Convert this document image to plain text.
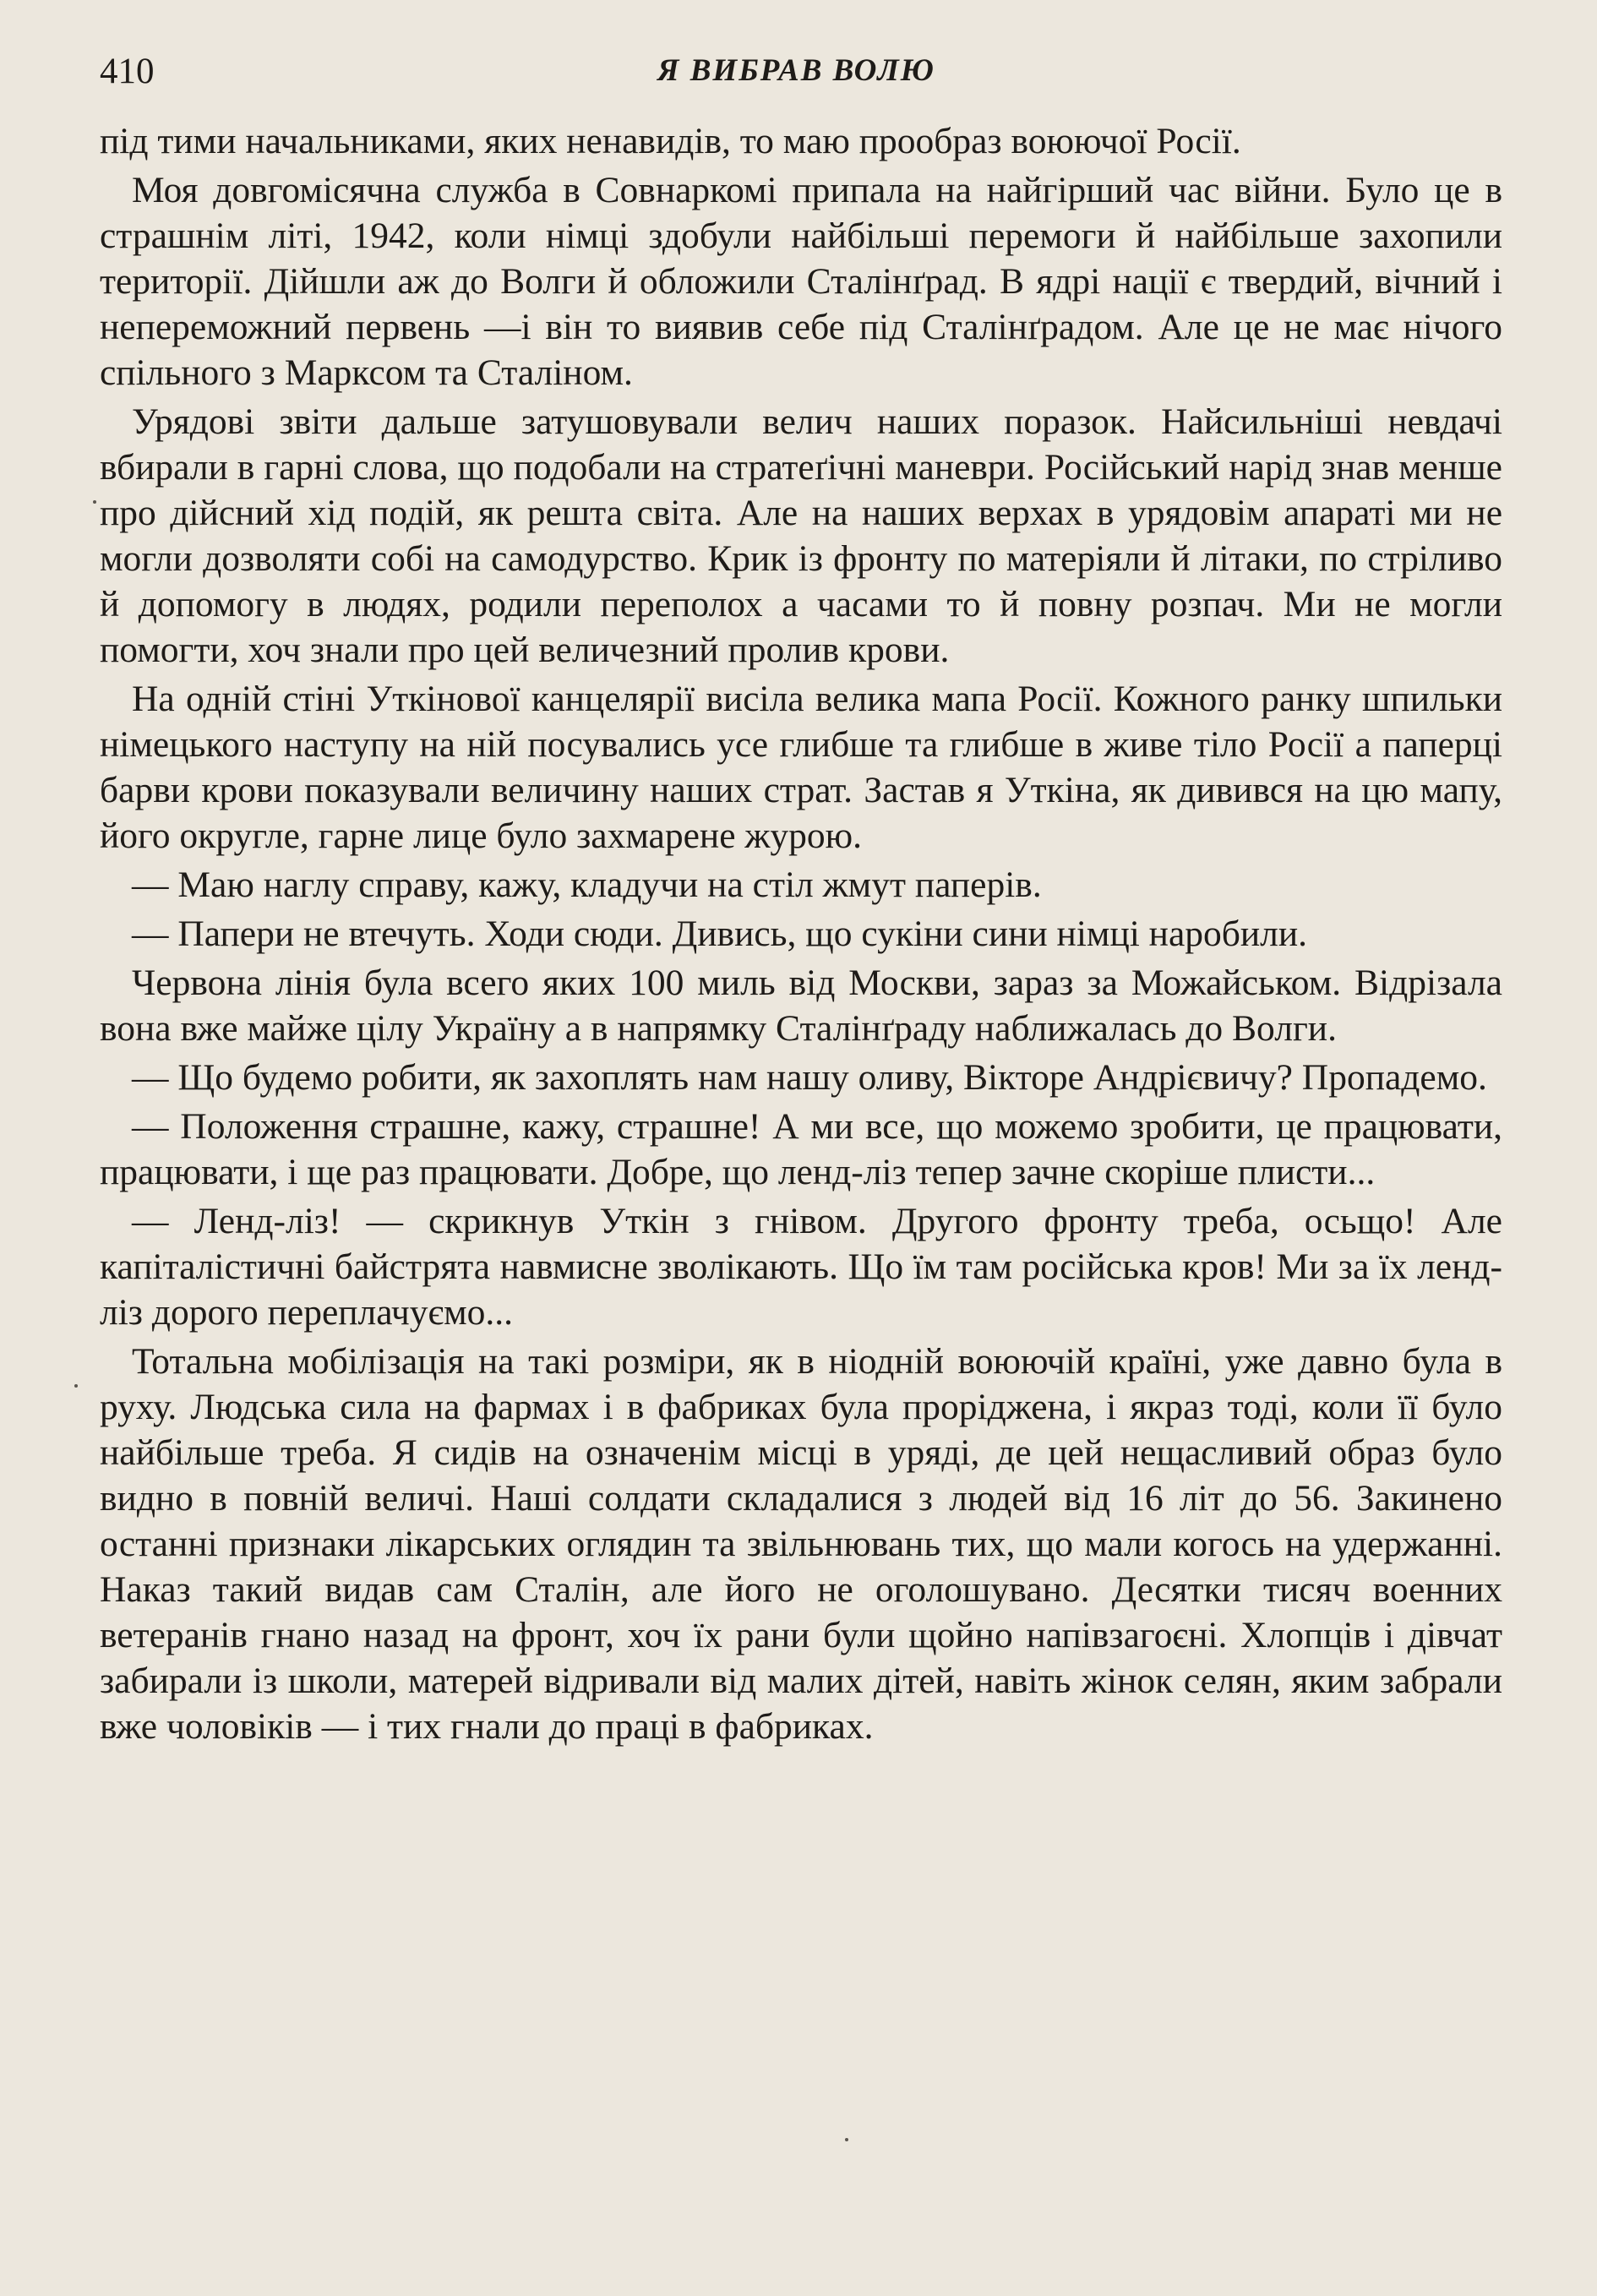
410	Я ВИБРАВ ВОЛЮ

під тими начальниками, яких ненавидів, то маю прообраз воюючої Росії.

Моя довгомісячна служба в Совнаркомі припала на найгірший час війни. Було це в страшнім літі, 1942, коли німці здобули найбільші перемоги й найбільше захопили території. Дійшли аж до Волги й обложили Сталінґрад. В ядрі нації є твердий, вічний і непереможний первень —і він то виявив себе під Сталінґрадом. Але це не має нічого спільного з Марксом та Сталіном.

Урядові звіти дальше затушовували велич наших поразок. Найсильніші невдачі вбирали в гарні слова, що подобали на стратеґічні маневри. Російський нарід знав менше про дійсний хід подій, як решта світа. Але на наших верхах в урядовім апараті ми не могли дозволяти собі на самодурство. Крик із фронту по матеріяли й літаки, по стріливо й допомогу в людях, родили переполох а часами то й повну розпач. Ми не могли помогти, хоч знали про цей величезний пролив крови.

На одній стіні Уткінової канцелярії висіла велика мапа Росії. Кожного ранку шпильки німецького наступу на ній посувались усе глибше та глибше в живе тіло Росії а паперці барви крови показували величину наших страт. Застав я Уткіна, як дивився на цю мапу, його округле, гарне лице було захмарене журою.

— Маю наглу справу, кажу, кладучи на стіл жмут паперів.

— Папери не втечуть. Ходи сюди. Дивись, що сукіни сини німці наробили.

Червона лінія була всего яких 100 миль від Москви, зараз за Можайськом. Відрізала вона вже майже цілу Україну а в напрямку Сталінґраду наближалась до Волги.

— Що будемо робити, як захоплять нам нашу оливу, Вікторе Андрієвичу? Пропадемо.

— Положення страшне, кажу, страшне! А ми все, що можемо зробити, це працювати, працювати, і ще раз працювати. Добре, що ленд-ліз тепер зачне скоріше плисти...

— Ленд-ліз! — скрикнув Уткін з гнівом. Другого фронту треба, осьщо! Але капіталістичні байстрята навмисне зволікають. Що їм там російська кров! Ми за їх ленд-ліз дорого переплачуємо...

Тотальна мобілізація на такі розміри, як в ніодній воюючій країні, уже давно була в руху. Людська сила на фармах і в фабриках була проріджена, і якраз тоді, коли її було найбільше треба. Я сидів на означенім місці в уряді, де цей нещасливий образ було видно в повній величі. Наші солдати складалися з людей від 16 літ до 56. Закинено останні признаки лікарських оглядин та звільнювань тих, що мали когось на удержанні. Наказ такий видав сам Сталін, але його не оголошувано. Десятки тисяч военних ветеранів гнано назад на фронт, хоч їх рани були щойно напівзагоєні. Хлопців і дівчат забирали із школи, матерей відривали від малих дітей, навіть жінок селян, яким забрали вже чоловіків — і тих гнали до праці в фабриках.
